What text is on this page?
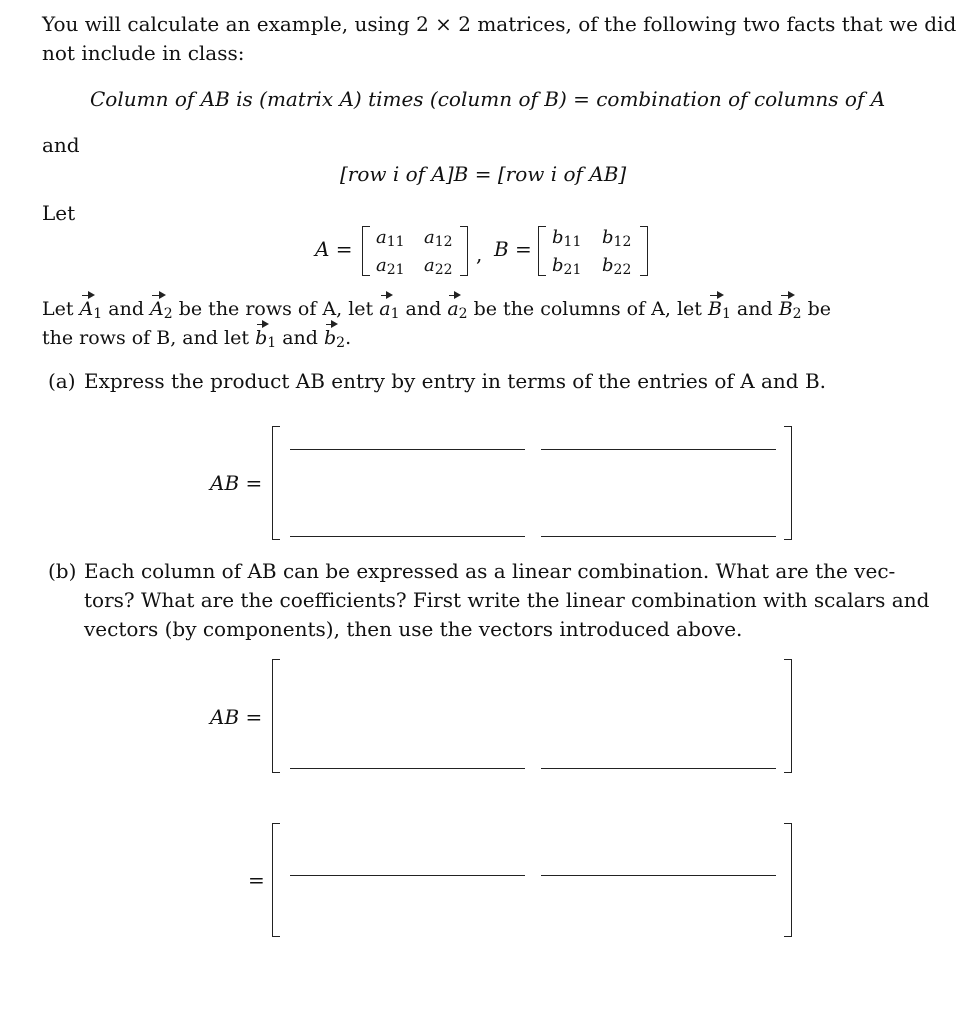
You will calculate an example, using 2 × 2 matrices, of the following two facts that we did
not include in class:
Column of AB is (matrix A) times (column of B) = combination of columns of A
and
[row i of A]B = [row i of AB]
Let
$A = a_{11}$ $a_{12}$
$a_{21}$ $a_{22}$
, $B = b_{11}$ $b_{12}$
$b_{21}$ $b_{22}$
Let $A_1$ and $A_2$ be the rows of A, let $a_1$ and $a_2$ be the columns of A, let $B_1$ and $B_2$ be
the rows of B, and let $b_1$ and $b_2$.
(a) Express the product AB entry by entry in terms of the entries of A and B.
AB =
(b) Each column of AB can be expressed as a linear combination. What are the vec-
tors? What are the coefficients? First write the linear combination with scalars and
vectors (by components), then use the vectors introduced above.
AB =
=
